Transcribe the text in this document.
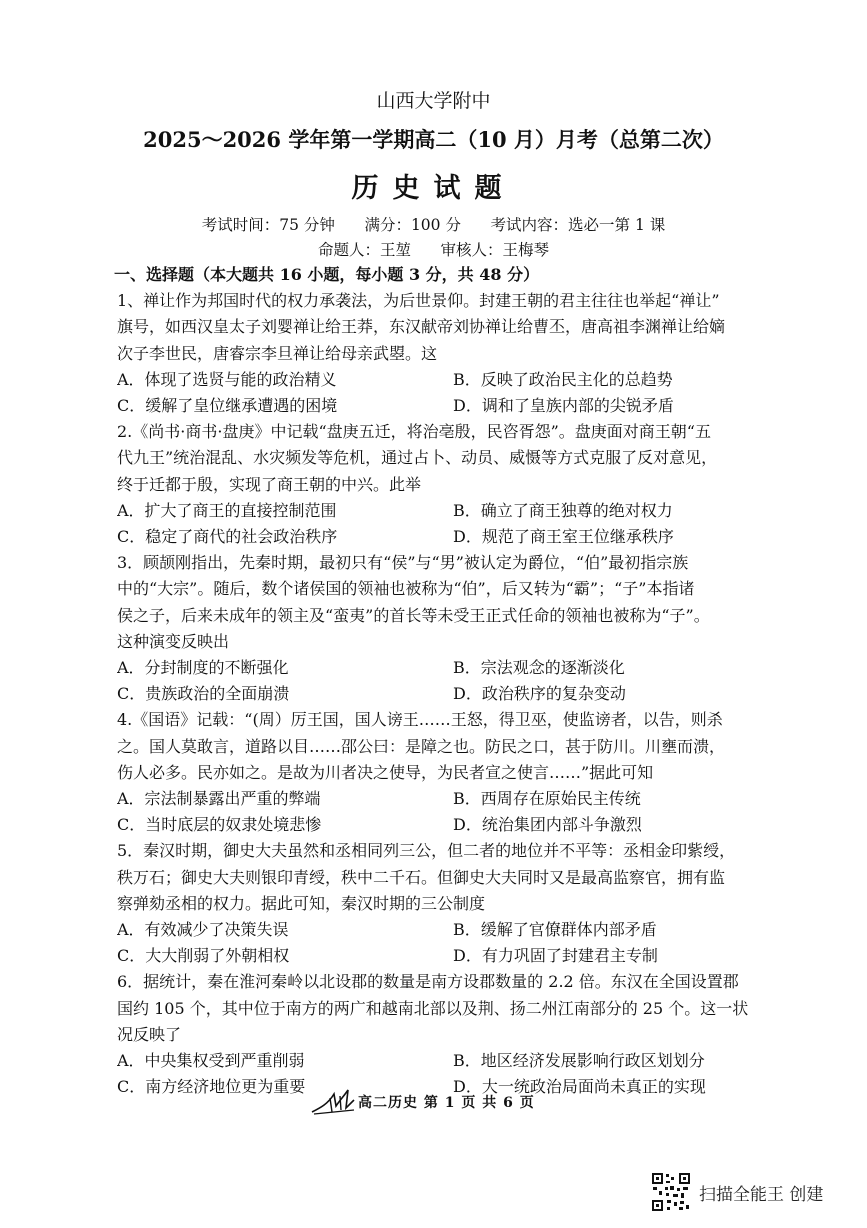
山西大学附中
2025～2026 学年第一学期高二（10 月）月考（总第二次）
历史试题
考试时间：75 分钟      满分：100 分      考试内容：选必一第 1 课
命题人：王堃      审核人：王梅琴
一、选择题（本大题共 16 小题，每小题 3 分，共 48 分）

1、禅让作为邦国时代的权力承袭法，为后世景仰。封建王朝的君主往往也举起“禅让”

旗号，如西汉皇太子刘婴禅让给王莽，东汉献帝刘协禅让给曹丕，唐高祖李渊禅让给嫡

次子李世民，唐睿宗李旦禅让给母亲武曌。这

A．体现了选贤与能的政治精义	B．反映了政治民主化的总趋势
C．缓解了皇位继承遭遇的困境	D．调和了皇族内部的尖锐矛盾

2.《尚书·商书·盘庚》中记载“盘庚五迁，将治亳殷，民咨胥怨”。盘庚面对商王朝“五

代九王”统治混乱、水灾频发等危机，通过占卜、动员、威慑等方式克服了反对意见，

终于迁都于殷，实现了商王朝的中兴。此举

A．扩大了商王的直接控制范围	B．确立了商王独尊的绝对权力
C．稳定了商代的社会政治秩序	D．规范了商王室王位继承秩序

3．顾颉刚指出，先秦时期，最初只有“侯”与“男”被认定为爵位，“伯”最初指宗族

中的“大宗”。随后，数个诸侯国的领袖也被称为“伯”，后又转为“霸”；“子”本指诸

侯之子，后来未成年的领主及“蛮夷”的首长等未受王正式任命的领袖也被称为“子”。

这种演变反映出

A．分封制度的不断强化	B．宗法观念的逐渐淡化
C．贵族政治的全面崩溃	D．政治秩序的复杂变动

4.《国语》记载：“(周）厉王国，国人谤王……王怒，得卫巫，使监谤者，以告，则杀

之。国人莫敢言，道路以目……邵公曰：是障之也。防民之口，甚于防川。川壅而溃，

伤人必多。民亦如之。是故为川者决之使导，为民者宣之使言……”据此可知

A．宗法制暴露出严重的弊端	B．西周存在原始民主传统
C．当时底层的奴隶处境悲惨	D．统治集团内部斗争激烈

5．秦汉时期，御史大夫虽然和丞相同列三公，但二者的地位并不平等：丞相金印紫绶，

秩万石；御史大夫则银印青绶，秩中二千石。但御史大夫同时又是最高监察官，拥有监

察弹劾丞相的权力。据此可知，秦汉时期的三公制度

A．有效减少了决策失误	B．缓解了官僚群体内部矛盾
C．大大削弱了外朝相权	D．有力巩固了封建君主专制

6．据统计，秦在淮河秦岭以北设郡的数量是南方设郡数量的 2.2 倍。东汉在全国设置郡

国约 105 个，其中位于南方的两广和越南北部以及荆、扬二州江南部分的 25 个。这一状

况反映了

A．中央集权受到严重削弱	B．地区经济发展影响行政区划划分
C．南方经济地位更为重要	D．大一统政治局面尚未真正的实现
高二历史 第 1 页 共 6 页
扫描全能王 创建
